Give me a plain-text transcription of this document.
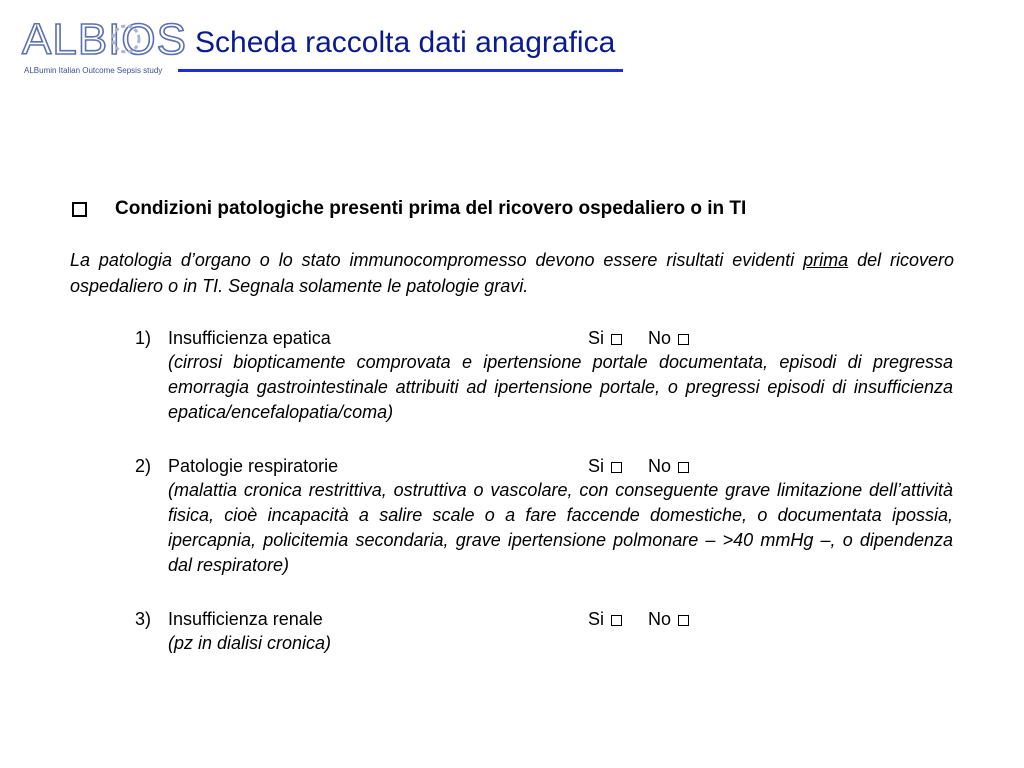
ALBIOS
ALBumin Italian Outcome Sepsis study
Scheda raccolta dati anagrafica
Condizioni patologiche presenti prima del ricovero ospedaliero o in TI
La patologia d’organo o lo stato immunocompromesso devono essere risultati evidenti prima del ricovero ospedaliero o in TI. Segnala solamente le patologie gravi.
1) Insufficienza epatica	Si No

(cirrosi biopticamente comprovata e ipertensione portale documentata, episodi di pregressa emorragia gastrointestinale attribuiti ad ipertensione portale, o pregressi episodi di insufficienza epatica/encefalopatia/coma)

2) Patologie respiratorie	Si No

(malattia cronica restrittiva, ostruttiva o vascolare, con conseguente grave limitazione dell’attività fisica, cioè incapacità a salire scale o a fare faccende domestiche, o documentata ipossia, ipercapnia, policitemia secondaria, grave ipertensione polmonare – >40 mmHg –, o dipendenza dal respiratore)

3) Insufficienza renale	Si No

(pz in dialisi cronica)
